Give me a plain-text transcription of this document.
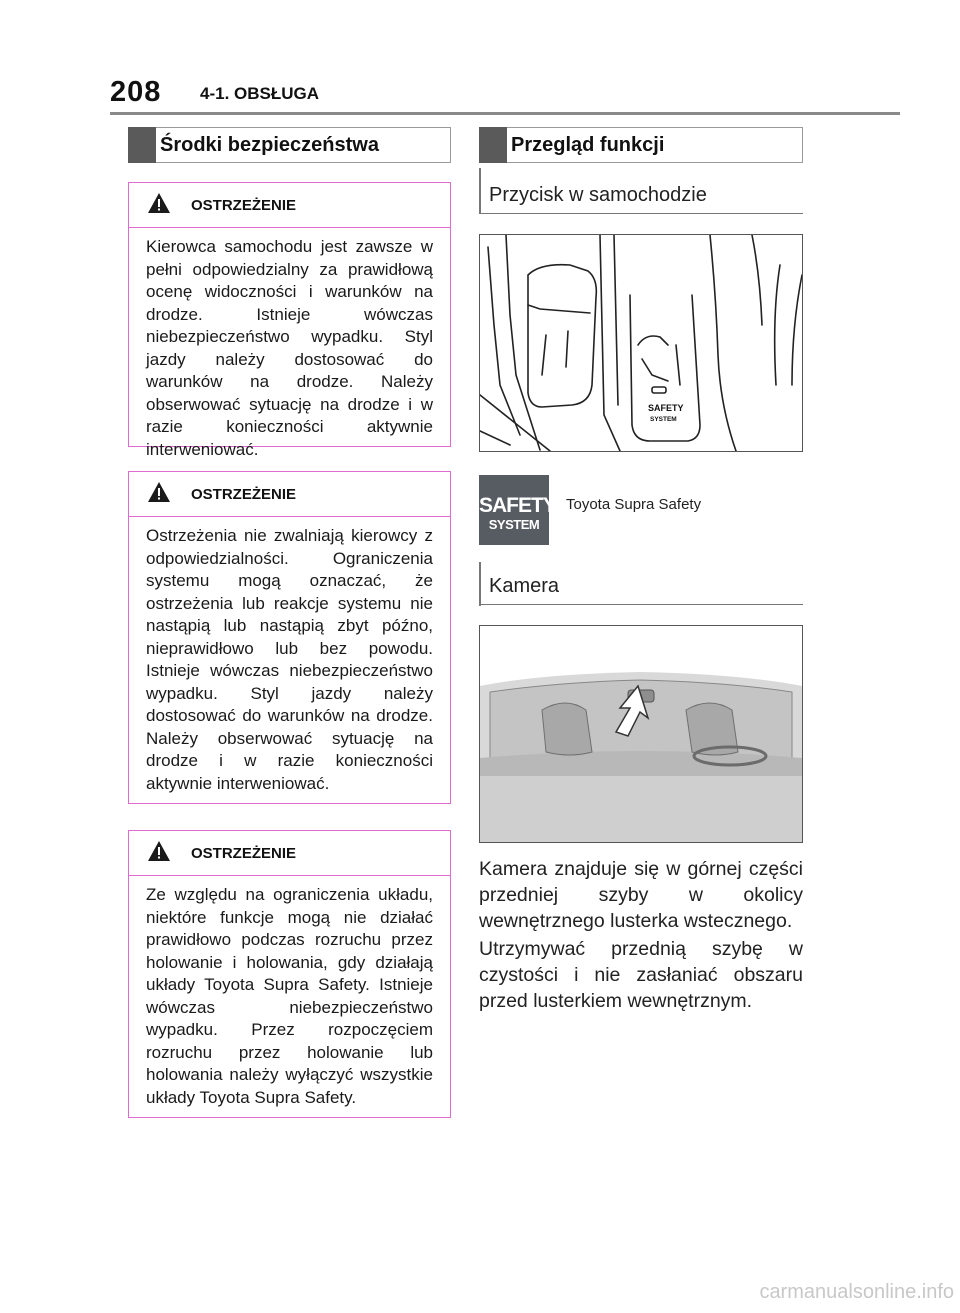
208 4-1. OBSŁUGA
Środki bezpieczeństwa
OSTRZEŻENIE
Kierowca samochodu jest zawsze w pełni odpowiedzialny za prawidłową ocenę widoczności i warunków na drodze. Istnieje wówczas niebezpieczeństwo wypadku. Styl jazdy należy dostosować do warunków na drodze. Należy obserwować sytuację na drodze i w razie konieczności aktywnie interweniować.
OSTRZEŻENIE
Ostrzeżenia nie zwalniają kierowcy z odpowiedzialności. Ograniczenia systemu mogą oznaczać, że ostrzeżenia lub reakcje systemu nie nastąpią lub nastąpią zbyt późno, nieprawidłowo lub bez powodu. Istnieje wówczas niebezpieczeństwo wypadku. Styl jazdy należy dostosować do warunków na drodze. Należy obserwować sytuację na drodze i w razie konieczności aktywnie interweniować.
OSTRZEŻENIE
Ze względu na ograniczenia układu, niektóre funkcje mogą nie działać prawidłowo podczas rozruchu przez holowanie i holowania, gdy działają układy Toyota Supra Safety. Istnieje wówczas niebezpieczeństwo wypadku. Przez rozpoczęciem rozruchu przez holowanie lub holowania należy wyłączyć wszystkie układy Toyota Supra Safety.
Przegląd funkcji
Przycisk w samochodzie
SAFETY
SYSTEM
SAFETY
SYSTEM
Toyota Supra Safety
Kamera
Kamera znajduje się w górnej części przedniej szyby w okolicy wewnętrznego lusterka wstecznego.
Utrzymywać przednią szybę w czystości i nie zasłaniać obszaru przed lusterkiem wewnętrznym.
carmanualsonline.info
